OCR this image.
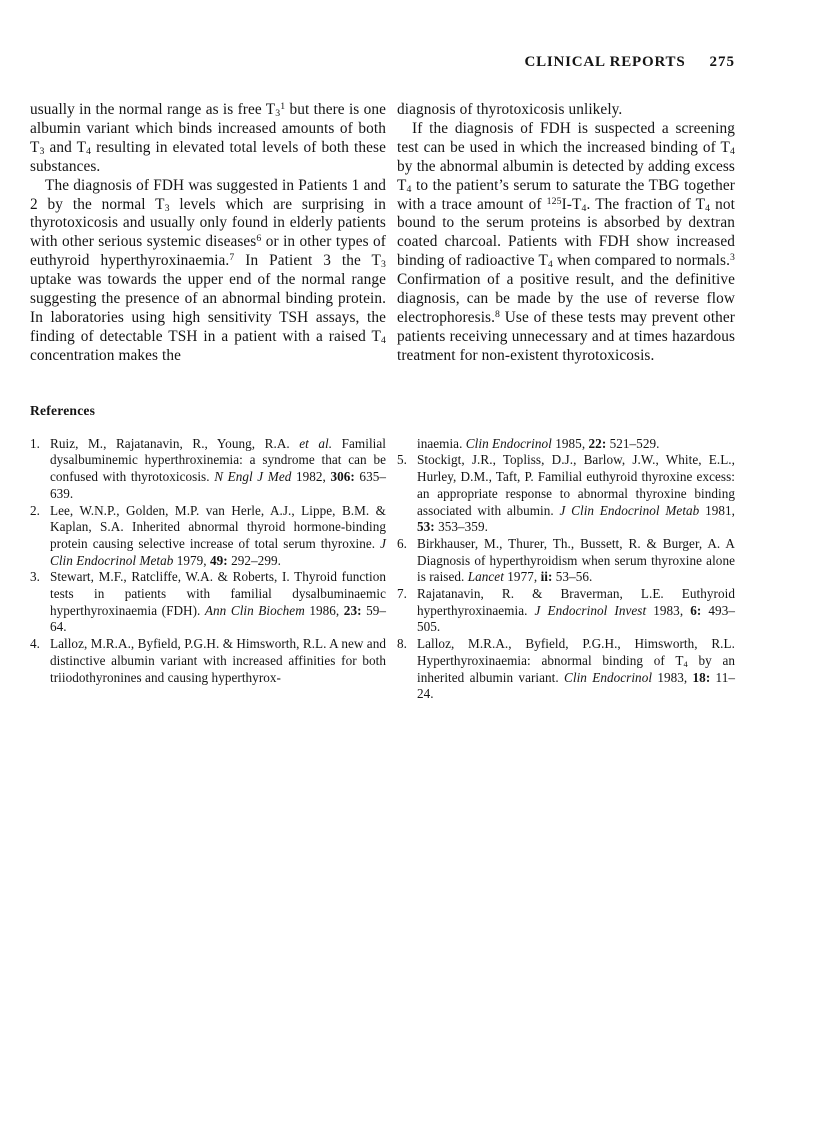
CLINICAL REPORTS 275

usually in the normal range as is free $T_3^1$ but there is one albumin variant which binds increased amounts of both $T_3$ and $T_4$ resulting in elevated total levels of both these substances.

The diagnosis of FDH was suggested in Patients 1 and 2 by the normal $T_3$ levels which are surprising in thyrotoxicosis and usually only found in elderly patients with other serious systemic diseases$^6$ or in other types of euthyroid hyperthyroxinaemia.$^7$ In Patient 3 the $T_3$ uptake was towards the upper end of the normal range suggesting the presence of an abnormal binding protein. In laboratories using high sensitivity TSH assays, the finding of detectable TSH in a patient with a raised $T_4$ concentration makes the

diagnosis of thyrotoxicosis unlikely.

If the diagnosis of FDH is suspected a screening test can be used in which the increased binding of $T_4$ by the abnormal albumin is detected by adding excess $T_4$ to the patient’s serum to saturate the TBG together with a trace amount of $^{125}I-T_4$. The fraction of $T_4$ not bound to the serum proteins is absorbed by dextran coated charcoal. Patients with FDH show increased binding of radioactive $T_4$ when compared to normals.$^3$ Confirmation of a positive result, and the definitive diagnosis, can be made by the use of reverse flow electrophoresis.$^8$ Use of these tests may prevent other patients receiving unnecessary and at times hazardous treatment for non-existent thyrotoxicosis.

References
1. Ruiz, M., Rajatanavin, R., Young, R.A. et al. Familial dysalbuminemic hyperthroxinemia: a syndrome that can be confused with thyrotoxicosis. N Engl J Med 1982, 306: 635–639.
2. Lee, W.N.P., Golden, M.P. van Herle, A.J., Lippe, B.M. & Kaplan, S.A. Inherited abnormal thyroid hormone-binding protein causing selective increase of total serum thyroxine. J Clin Endocrinol Metab 1979, 49: 292–299.
3. Stewart, M.F., Ratcliffe, W.A. & Roberts, I. Thyroid function tests in patients with familial dysalbuminaemic hyperthyroxinaemia (FDH). Ann Clin Biochem 1986, 23: 59–64.
4. Lalloz, M.R.A., Byfield, P.G.H. & Himsworth, R.L. A new and distinctive albumin variant with increased affinities for both triiodothyronines and causing hyperthyrox-
inaemia. Clin Endocrinol 1985, 22: 521–529.
5. Stockigt, J.R., Topliss, D.J., Barlow, J.W., White, E.L., Hurley, D.M., Taft, P. Familial euthyroid thyroxine excess: an appropriate response to abnormal thyroxine binding associated with albumin. J Clin Endocrinol Metab 1981, 53: 353–359.
6. Birkhauser, M., Thurer, Th., Bussett, R. & Burger, A. A Diagnosis of hyperthyroidism when serum thyroxine alone is raised. Lancet 1977, ii: 53–56.
7. Rajatanavin, R. & Braverman, L.E. Euthyroid hyperthyroxinaemia. J Endocrinol Invest 1983, 6: 493–505.
8. Lalloz, M.R.A., Byfield, P.G.H., Himsworth, R.L. Hyperthyroxinaemia: abnormal binding of $T_4$ by an inherited albumin variant. Clin Endocrinol 1983, 18: 11–24.
